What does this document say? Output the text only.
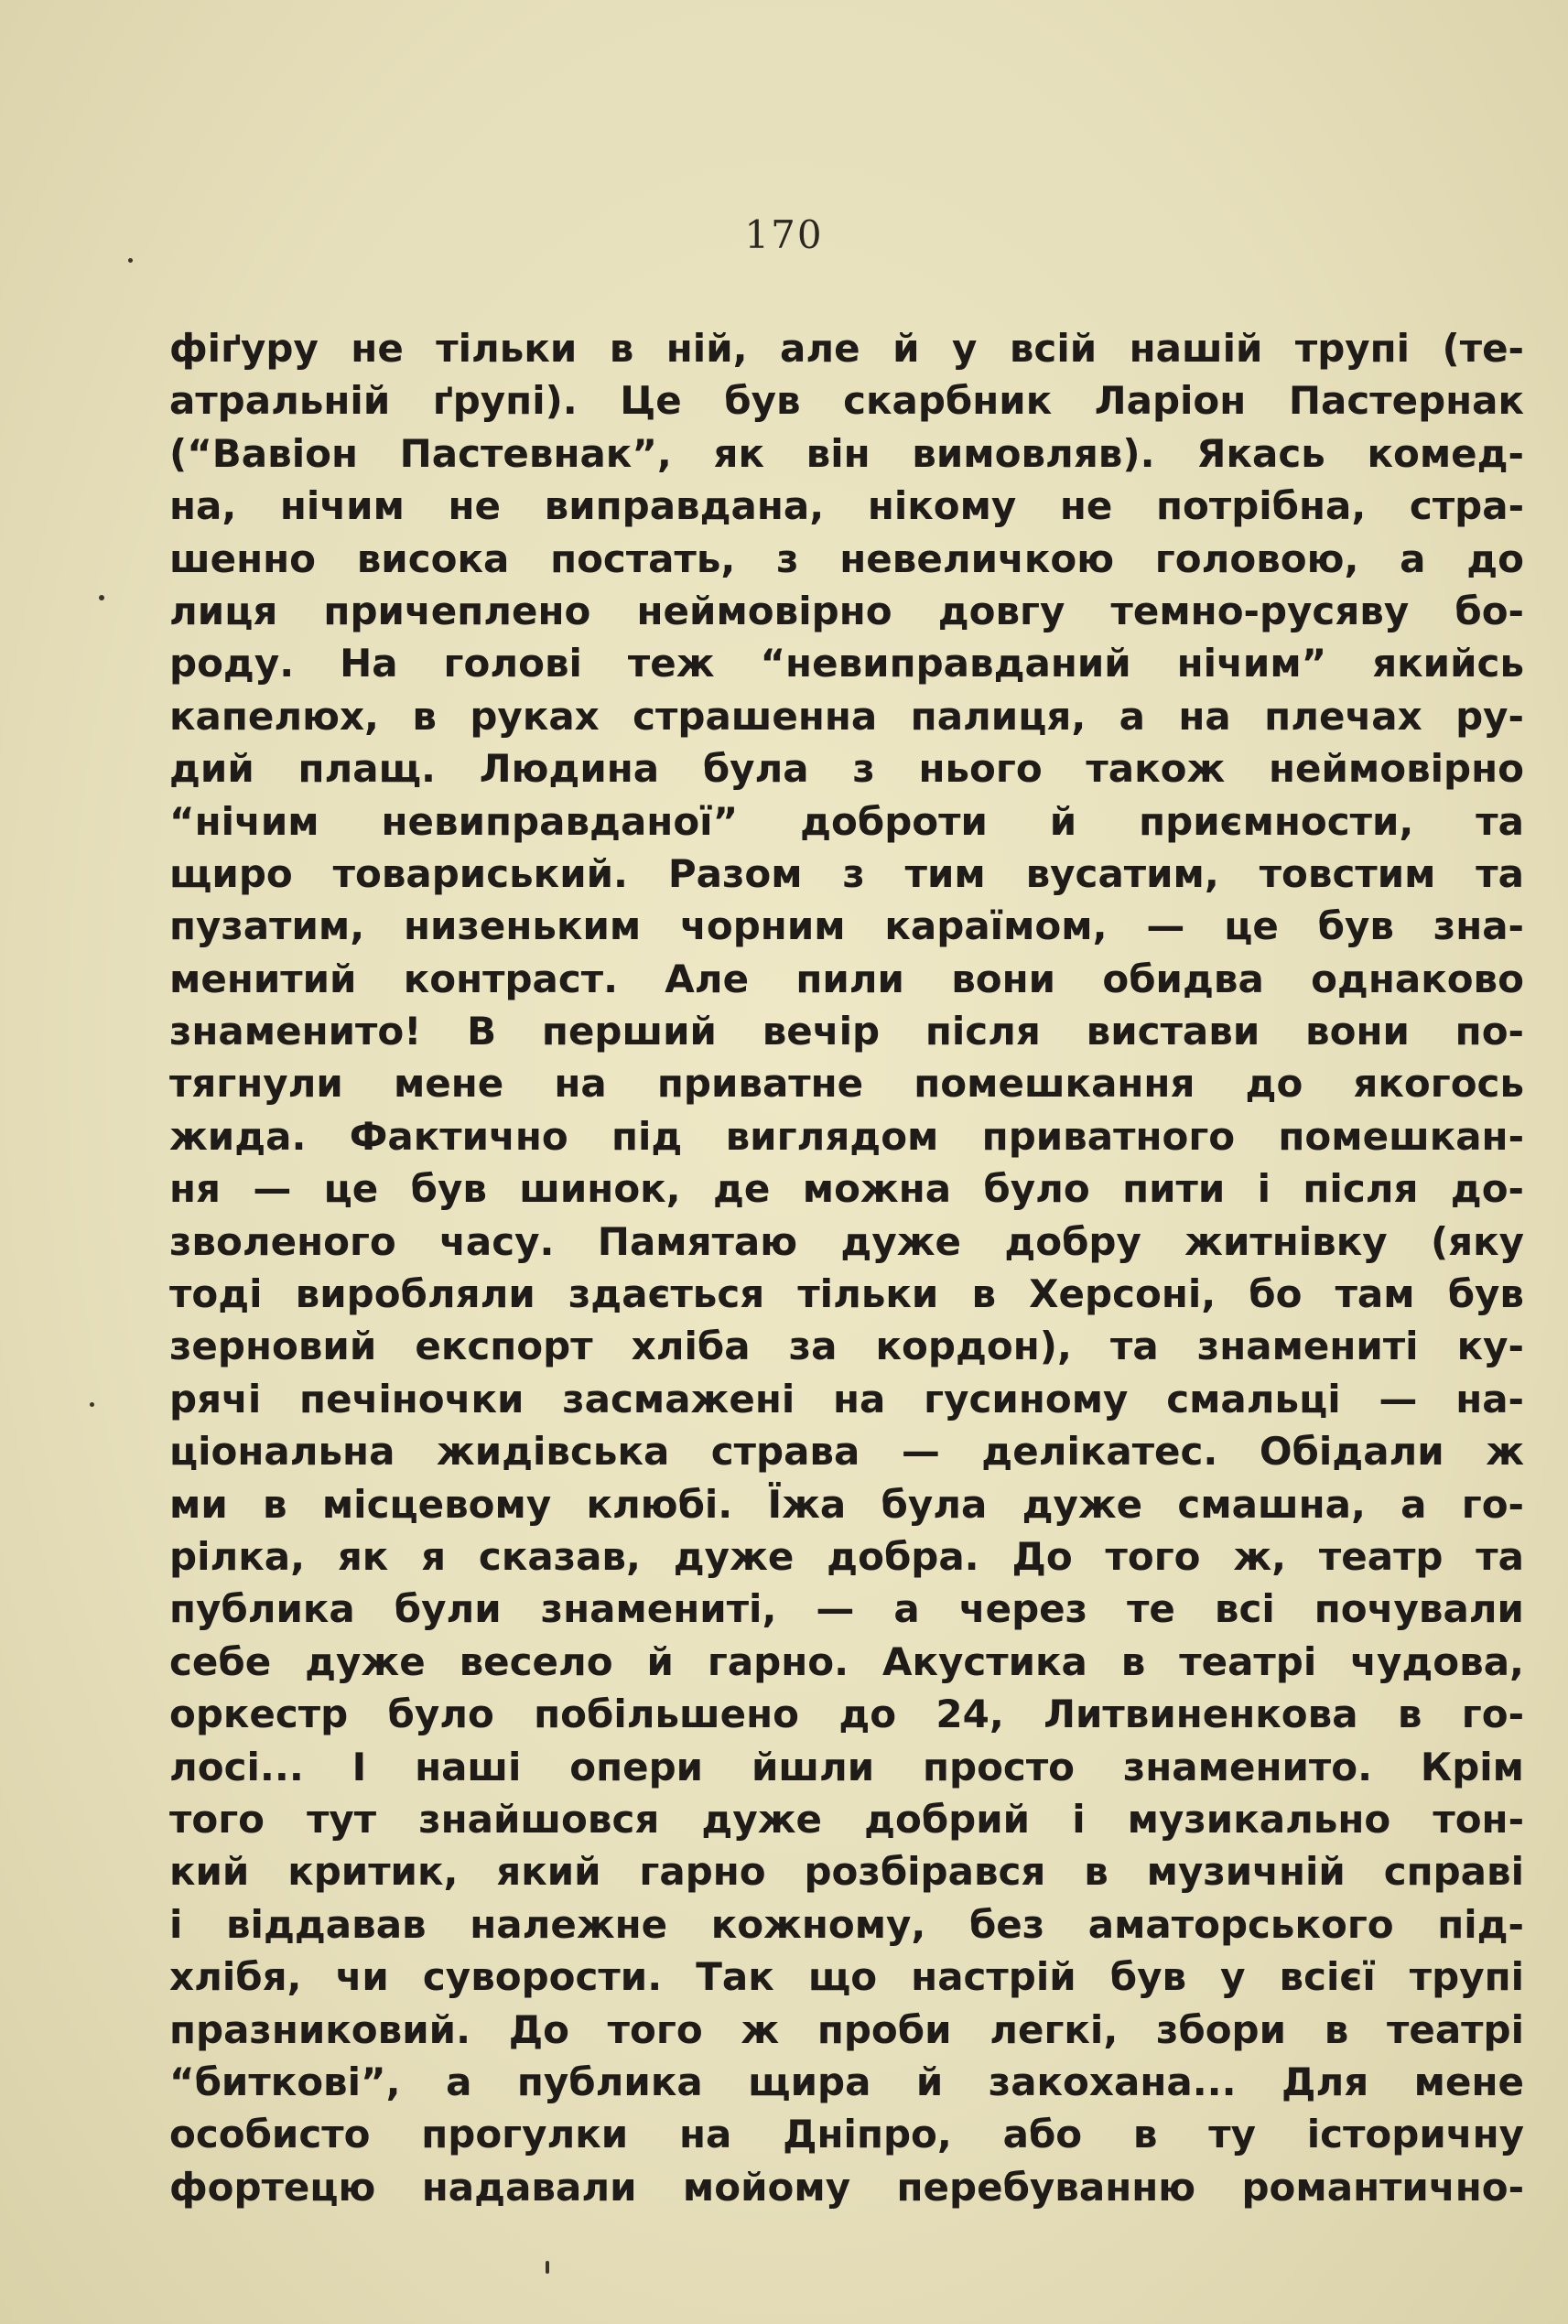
170
фіґуру не тільки в ній, але й у всій нашій трупі (те-
атральній ґрупі). Це був скарбник Ларіон Пастернак
(“Вавіон Пастевнак”, як він вимовляв). Якась комед-
на, нічим не виправдана, нікому не потрібна, стра-
шенно висока постать, з невеличкою головою, а до
лиця причеплено неймовірно довгу темно-русяву бо-
роду. На голові теж “невиправданий нічим” якийсь
капелюх, в руках страшенна палиця, а на плечах ру-
дий плащ. Людина була з нього також неймовірно
“нічим невиправданої” доброти й приємности, та
щиро товариський. Разом з тим вусатим, товстим та
пузатим, низеньким чорним караїмом, — це був зна-
менитий контраст. Але пили вони обидва однаково
знаменито! В перший вечір після вистави вони по-
тягнули мене на приватне помешкання до якогось
жида. Фактично під виглядом приватного помешкан-
ня — це був шинок, де можна було пити і після до-
зволеного часу. Памятаю дуже добру житнівку (яку
тоді виробляли здається тільки в Херсоні, бо там був
зерновий експорт хліба за кордон), та знамениті ку-
рячі печіночки засмажені на гусиному смальці — на-
ціональна жидівська страва — делікатес. Обідали ж
ми в місцевому клюбі. Їжа була дуже смашна, а го-
рілка, як я сказав, дуже добра. До того ж, театр та
публика були знамениті, — а через те всі почували
себе дуже весело й гарно. Акустика в театрі чудова,
оркестр було побільшено до 24, Литвиненкова в го-
лосі... І наші опери йшли просто знаменито. Крім
того тут знайшовся дуже добрий і музикально тон-
кий критик, який гарно розбірався в музичній справі
і віддавав належне кожному, без аматорського під-
хлібя, чи суворости. Так що настрій був у всієї трупі
празниковий. До того ж проби легкі, збори в театрі
“биткові”, а публика щира й закохана... Для мене
особисто прогулки на Дніпро, або в ту історичну
фортецю надавали мойому перебуванню романтично-
